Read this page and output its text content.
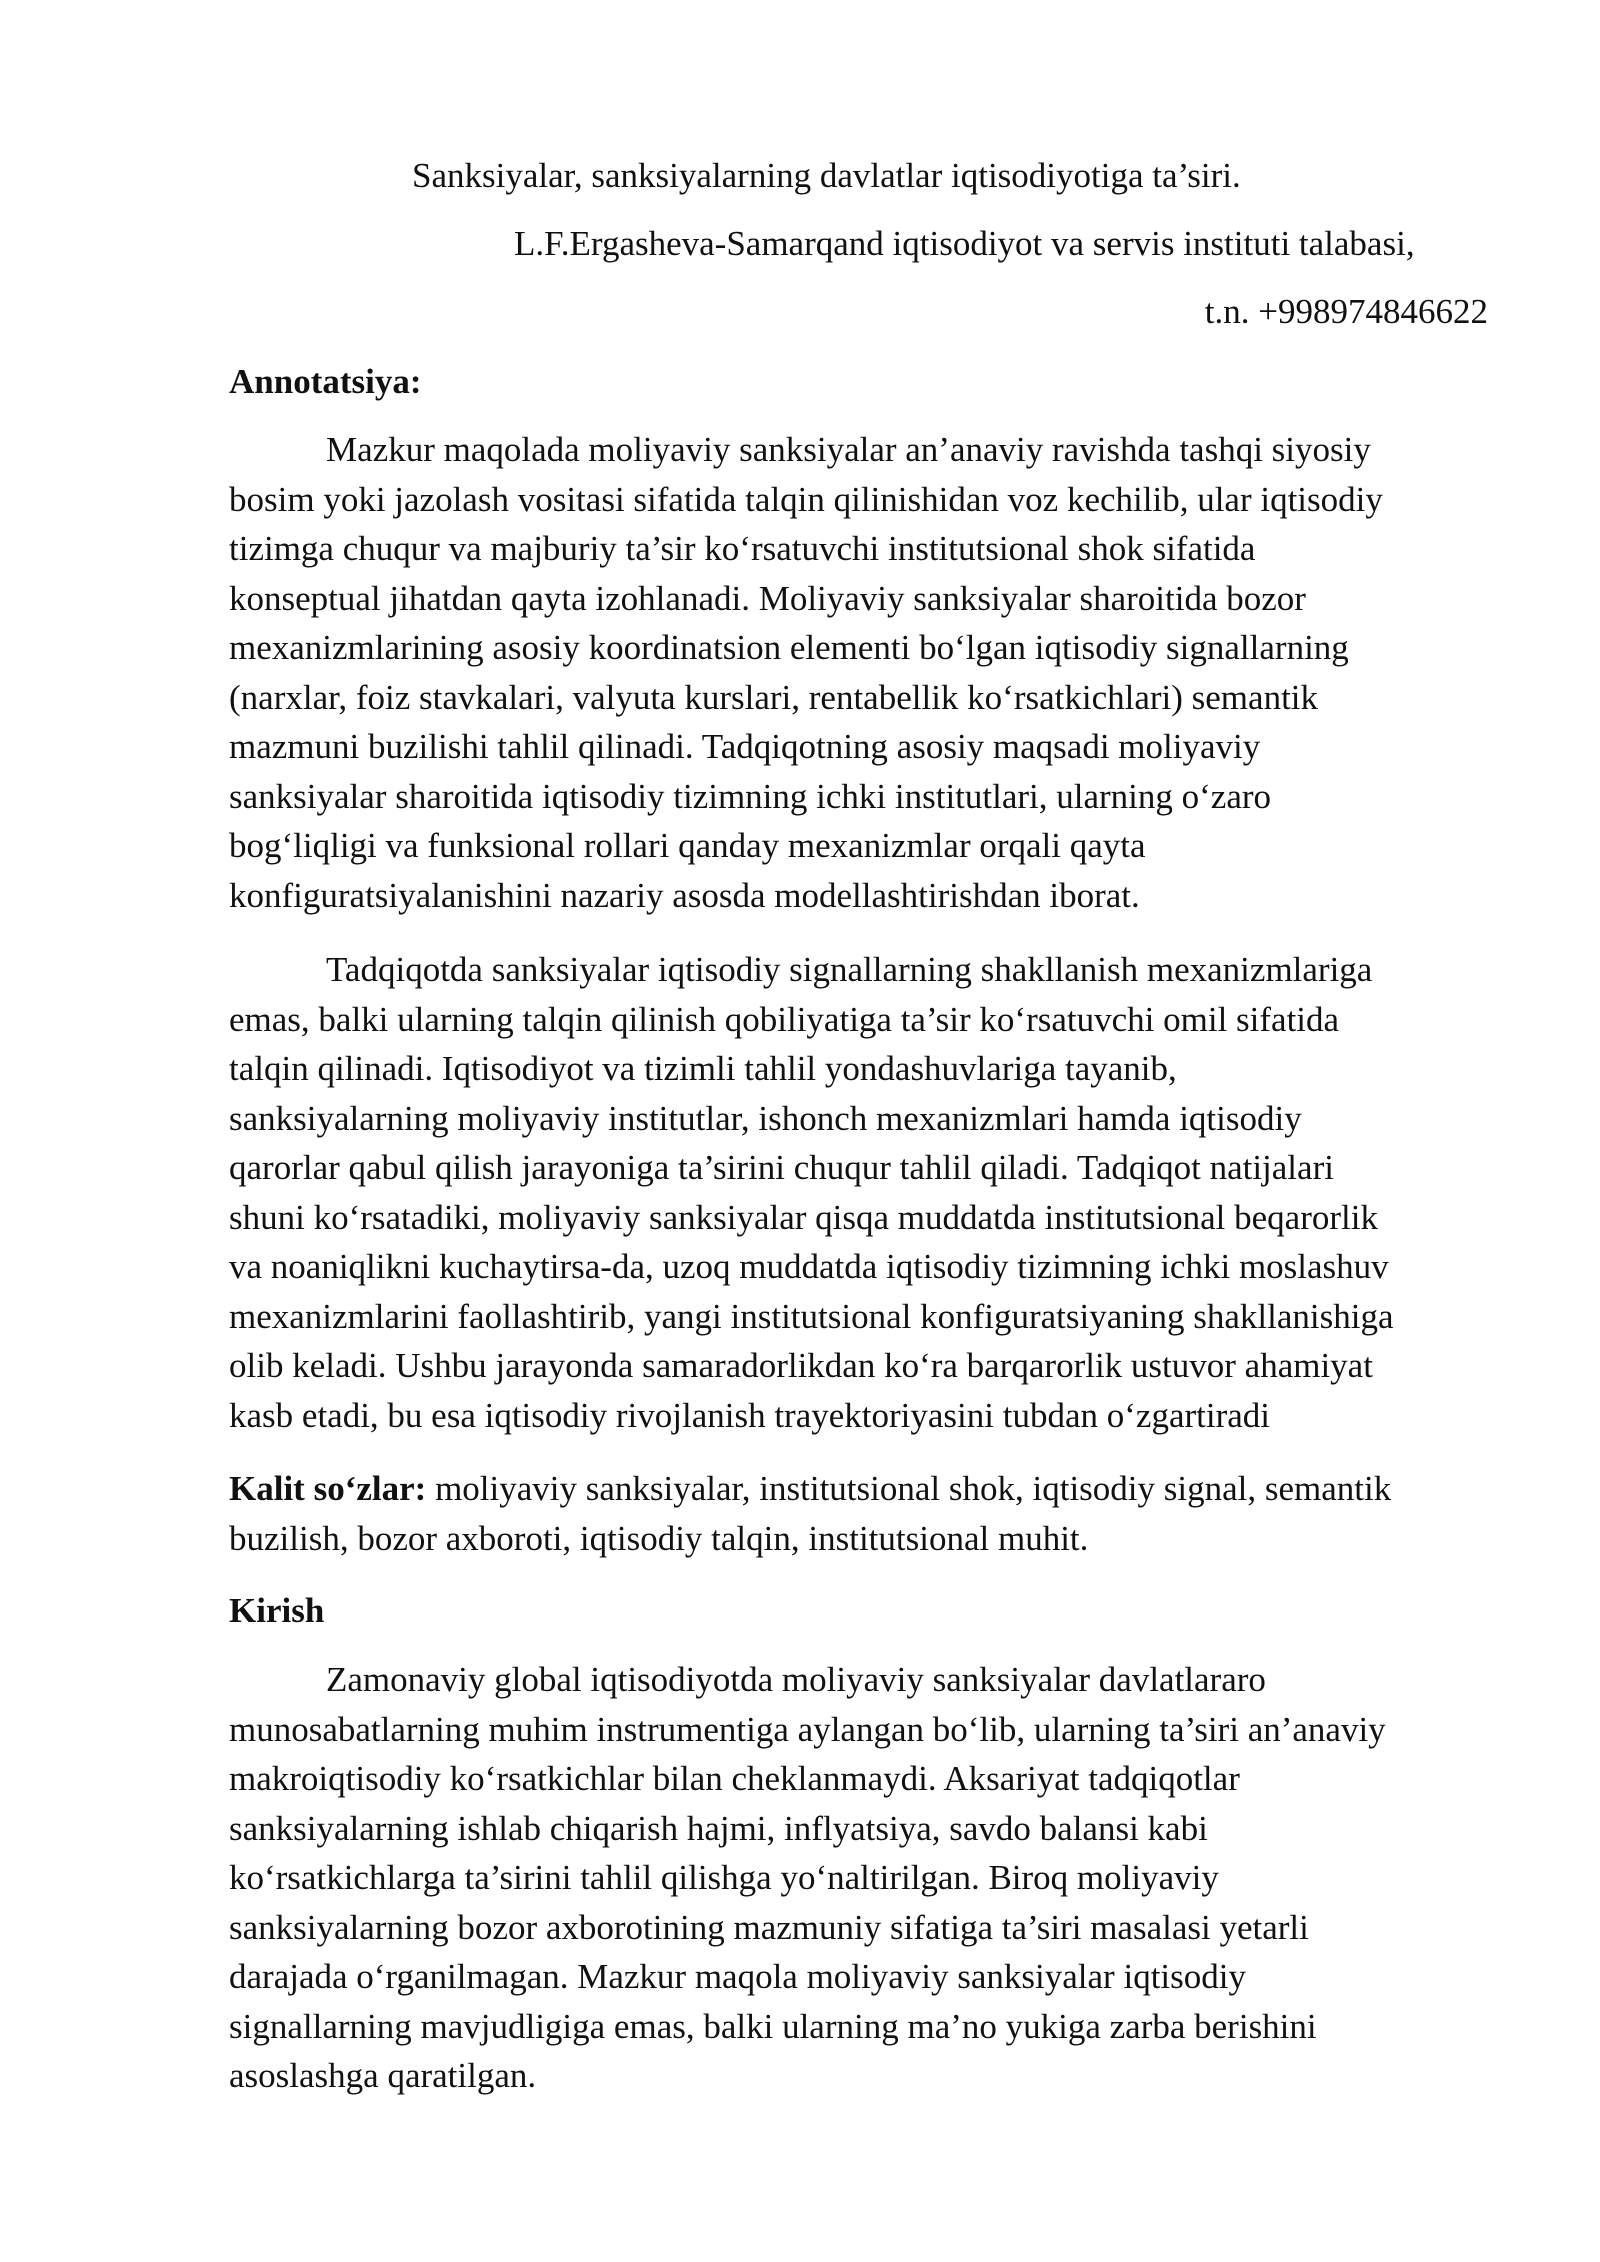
Sanksiyalar, sanksiyalarning davlatlar iqtisodiyotiga ta’siri.
L.F.Ergasheva-Samarqand iqtisodiyot va servis instituti talabasi,
t.n. +998974846622
Annotatsiya:
Mazkur maqolada moliyaviy sanksiyalar an’anaviy ravishda tashqi siyosiy
bosim yoki jazolash vositasi sifatida talqin qilinishidan voz kechilib, ular iqtisodiy
tizimga chuqur va majburiy ta’sir ko‘rsatuvchi institutsional shok sifatida
konseptual jihatdan qayta izohlanadi. Moliyaviy sanksiyalar sharoitida bozor
mexanizmlarining asosiy koordinatsion elementi bo‘lgan iqtisodiy signallarning
(narxlar, foiz stavkalari, valyuta kurslari, rentabellik ko‘rsatkichlari) semantik
mazmuni buzilishi tahlil qilinadi. Tadqiqotning asosiy maqsadi moliyaviy
sanksiyalar sharoitida iqtisodiy tizimning ichki institutlari, ularning o‘zaro
bog‘liqligi va funksional rollari qanday mexanizmlar orqali qayta
konfiguratsiyalanishini nazariy asosda modellashtirishdan iborat.
Tadqiqotda sanksiyalar iqtisodiy signallarning shakllanish mexanizmlariga
emas, balki ularning talqin qilinish qobiliyatiga ta’sir ko‘rsatuvchi omil sifatida
talqin qilinadi. Iqtisodiyot va tizimli tahlil yondashuvlariga tayanib,
sanksiyalarning moliyaviy institutlar, ishonch mexanizmlari hamda iqtisodiy
qarorlar qabul qilish jarayoniga ta’sirini chuqur tahlil qiladi. Tadqiqot natijalari
shuni ko‘rsatadiki, moliyaviy sanksiyalar qisqa muddatda institutsional beqarorlik
va noaniqlikni kuchaytirsa-da, uzoq muddatda iqtisodiy tizimning ichki moslashuv
mexanizmlarini faollashtirib, yangi institutsional konfiguratsiyaning shakllanishiga
olib keladi. Ushbu jarayonda samaradorlikdan ko‘ra barqarorlik ustuvor ahamiyat
kasb etadi, bu esa iqtisodiy rivojlanish trayektoriyasini tubdan o‘zgartiradi
Kalit so‘zlar: moliyaviy sanksiyalar, institutsional shok, iqtisodiy signal, semantik
buzilish, bozor axboroti, iqtisodiy talqin, institutsional muhit.
Kirish
Zamonaviy global iqtisodiyotda moliyaviy sanksiyalar davlatlararo
munosabatlarning muhim instrumentiga aylangan bo‘lib, ularning ta’siri an’anaviy
makroiqtisodiy ko‘rsatkichlar bilan cheklanmaydi. Aksariyat tadqiqotlar
sanksiyalarning ishlab chiqarish hajmi, inflyatsiya, savdo balansi kabi
ko‘rsatkichlarga ta’sirini tahlil qilishga yo‘naltirilgan. Biroq moliyaviy
sanksiyalarning bozor axborotining mazmuniy sifatiga ta’siri masalasi yetarli
darajada o‘rganilmagan. Mazkur maqola moliyaviy sanksiyalar iqtisodiy
signallarning mavjudligiga emas, balki ularning ma’no yukiga zarba berishini
asoslashga qaratilgan.
